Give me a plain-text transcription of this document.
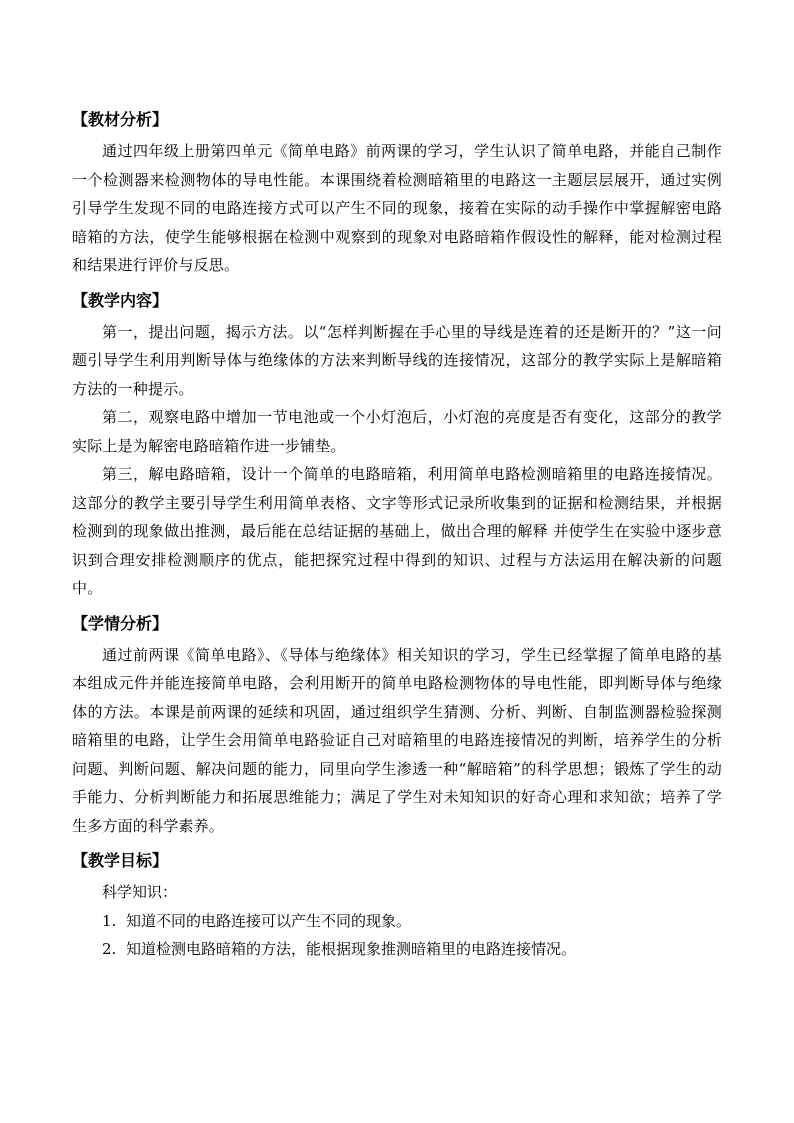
【教材分析】

通过四年级上册第四单元《简单电路》前两课的学习，学生认识了简单电路，并能自己制作一个检测器来检测物体的导电性能。本课围绕着检测暗箱里的电路这一主题层层展开，通过实例引导学生发现不同的电路连接方式可以产生不同的现象，接着在实际的动手操作中掌握解密电路暗箱的方法，使学生能够根据在检测中观察到的现象对电路暗箱作假设性的解释，能对检测过程和结果进行评价与反思。

【教学内容】

第一，提出问题，揭示方法。以“怎样判断握在手心里的导线是连着的还是断开的？”这一问题引导学生利用判断导体与绝缘体的方法来判断导线的连接情况，这部分的教学实际上是解暗箱方法的一种提示。

第二，观察电路中增加一节电池或一个小灯泡后，小灯泡的亮度是否有变化，这部分的教学实际上是为解密电路暗箱作进一步铺垫。

第三，解电路暗箱，设计一个简单的电路暗箱，利用简单电路检测暗箱里的电路连接情况。这部分的教学主要引导学生利用简单表格、文字等形式记录所收集到的证据和检测结果，并根据检测到的现象做出推测，最后能在总结证据的基础上，做出合理的解释 并使学生在实验中逐步意识到合理安排检测顺序的优点，能把探究过程中得到的知识、过程与方法运用在解决新的问题中。

【学情分析】

通过前两课《简单电路》、《导体与绝缘体》相关知识的学习，学生已经掌握了简单电路的基本组成元件并能连接简单电路，会利用断开的简单电路检测物体的导电性能，即判断导体与绝缘体的方法。本课是前两课的延续和巩固，通过组织学生猜测、分析、判断、自制监测器检验探测暗箱里的电路，让学生会用简单电路验证自己对暗箱里的电路连接情况的判断，培养学生的分析问题、判断问题、解决问题的能力，同里向学生渗透一种“解暗箱”的科学思想；锻炼了学生的动手能力、分析判断能力和拓展思维能力；满足了学生对未知知识的好奇心理和求知欲；培养了学生多方面的科学素养。

【教学目标】

科学知识：

1. 知道不同的电路连接可以产生不同的现象。

2. 知道检测电路暗箱的方法，能根据现象推测暗箱里的电路连接情况。
